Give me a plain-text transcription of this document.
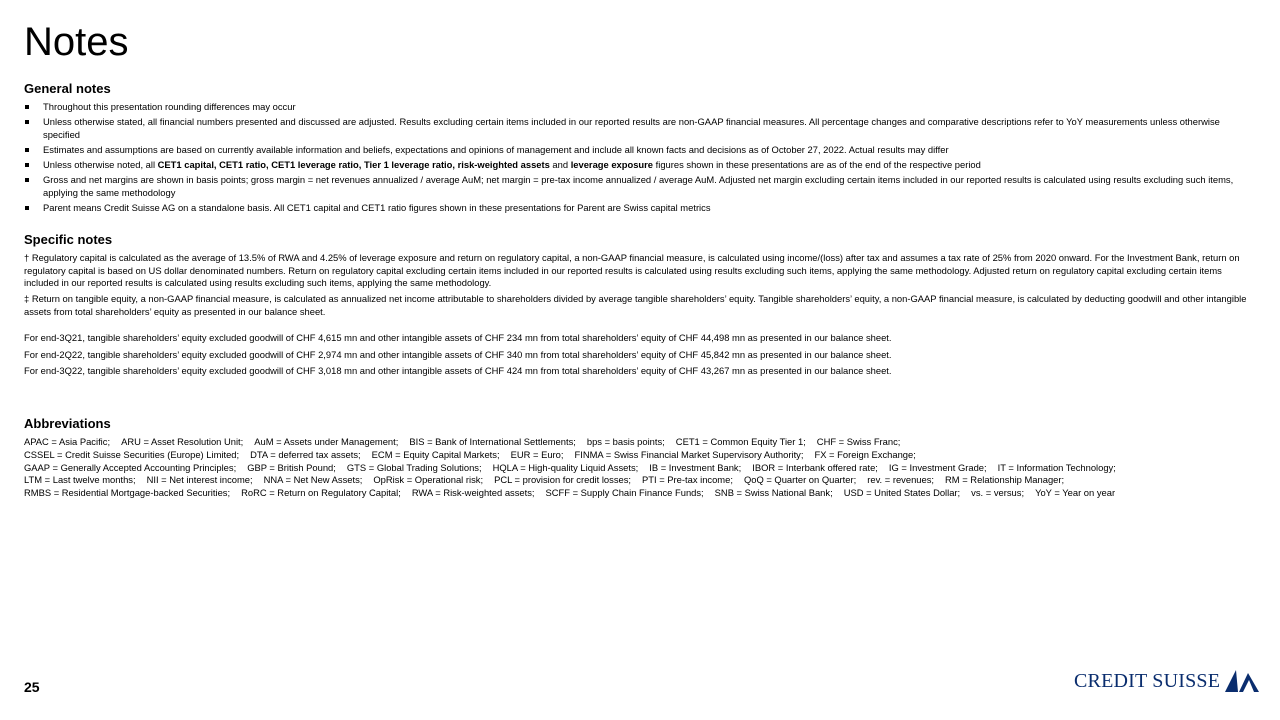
Notes
General notes
Throughout this presentation rounding differences may occur
Unless otherwise stated, all financial numbers presented and discussed are adjusted. Results excluding certain items included in our reported results are non-GAAP financial measures. All percentage changes and comparative descriptions refer to YoY measurements unless otherwise specified
Estimates and assumptions are based on currently available information and beliefs, expectations and opinions of management and include all known facts and decisions as of October 27, 2022. Actual results may differ
Unless otherwise noted, all CET1 capital, CET1 ratio, CET1 leverage ratio, Tier 1 leverage ratio, risk-weighted assets and leverage exposure figures shown in these presentations are as of the end of the respective period
Gross and net margins are shown in basis points; gross margin = net revenues annualized / average AuM; net margin = pre-tax income annualized / average AuM. Adjusted net margin excluding certain items included in our reported results is calculated using results excluding such items, applying the same methodology
Parent means Credit Suisse AG on a standalone basis. All CET1 capital and CET1 ratio figures shown in these presentations for Parent are Swiss capital metrics
Specific notes

† Regulatory capital is calculated as the average of 13.5% of RWA and 4.25% of leverage exposure and return on regulatory capital, a non-GAAP financial measure, is calculated using income/(loss) after tax and assumes a tax rate of 25% from 2020 onward. For the Investment Bank, return on regulatory capital is based on US dollar denominated numbers. Return on regulatory capital excluding certain items included in our reported results is calculated using results excluding such items, applying the same methodology. Adjusted return on regulatory capital excluding certain items included in our reported results is calculated using results excluding such items, applying the same methodology.

‡ Return on tangible equity, a non-GAAP financial measure, is calculated as annualized net income attributable to shareholders divided by average tangible shareholders’ equity. Tangible shareholders’ equity, a non-GAAP financial measure, is calculated by deducting goodwill and other intangible assets from total shareholders’ equity as presented in our balance sheet.

For end-3Q21, tangible shareholders’ equity excluded goodwill of CHF 4,615 mn and other intangible assets of CHF 234 mn from total shareholders’ equity of CHF 44,498 mn as presented in our balance sheet.

For end-2Q22, tangible shareholders’ equity excluded goodwill of CHF 2,974 mn and other intangible assets of CHF 340 mn from total shareholders’ equity of CHF 45,842 mn as presented in our balance sheet.

For end-3Q22, tangible shareholders’ equity excluded goodwill of CHF 3,018 mn and other intangible assets of CHF 424 mn from total shareholders’ equity of CHF 43,267 mn as presented in our balance sheet.

Abbreviations
APAC = Asia Pacific; ARU = Asset Resolution Unit; AuM = Assets under Management; BIS = Bank of International Settlements; bps = basis points; CET1 = Common Equity Tier 1; CHF = Swiss Franc;
CSSEL = Credit Suisse Securities (Europe) Limited; DTA = deferred tax assets; ECM = Equity Capital Markets; EUR = Euro; FINMA = Swiss Financial Market Supervisory Authority; FX = Foreign Exchange;
GAAP = Generally Accepted Accounting Principles; GBP = British Pound; GTS = Global Trading Solutions; HQLA = High-quality Liquid Assets; IB = Investment Bank; IBOR = Interbank offered rate; IG = Investment Grade; IT = Information Technology;
LTM = Last twelve months; NII = Net interest income; NNA = Net New Assets; OpRisk = Operational risk; PCL = provision for credit losses; PTI = Pre-tax income; QoQ = Quarter on Quarter; rev. = revenues; RM = Relationship Manager;
RMBS = Residential Mortgage-backed Securities; RoRC = Return on Regulatory Capital; RWA = Risk-weighted assets; SCFF = Supply Chain Finance Funds; SNB = Swiss National Bank; USD = United States Dollar; vs. = versus; YoY = Year on year
25	CREDIT SUISSE
